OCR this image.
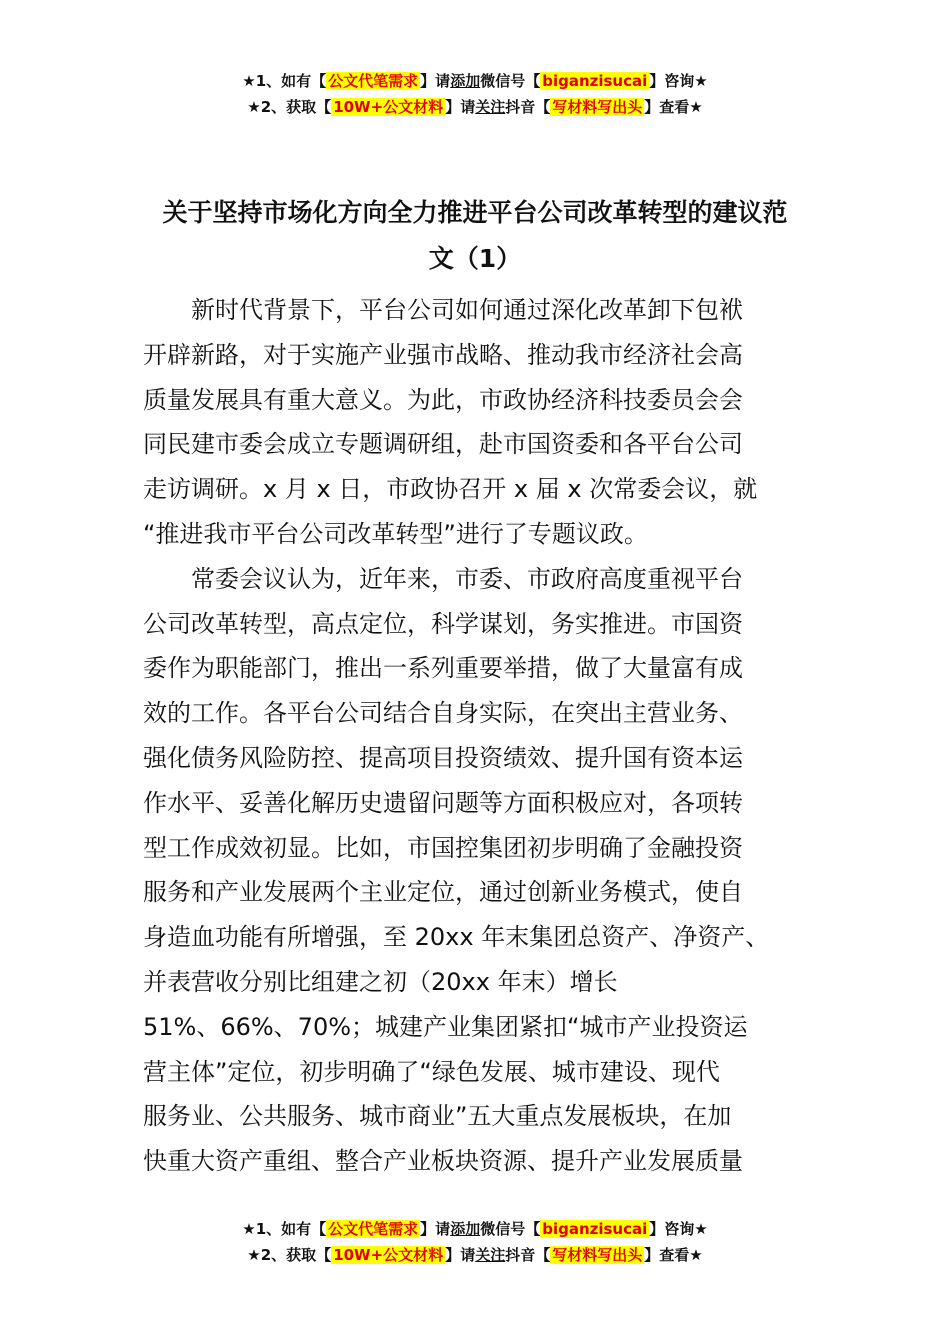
★1、如有【 公文代笔需求 】请添加微信号【 biganzisucai 】咨询★
★2、获取【 10W+公文材料 】请关注抖音【 写材料写出头 】查看★
关于坚持市场化方向全力推进平台公司改革转型的建议范
文（1）
　　新时代背景下，平台公司如何通过深化改革卸下包袱
开辟新路，对于实施产业强市战略、推动我市经济社会高
质量发展具有重大意义。为此，市政协经济科技委员会会
同民建市委会成立专题调研组，赴市国资委和各平台公司
走访调研。x 月 x 日，市政协召开 x 届 x 次常委会议，就
“推进我市平台公司改革转型”进行了专题议政。
　　常委会议认为，近年来，市委、市政府高度重视平台
公司改革转型，高点定位，科学谋划，务实推进。市国资
委作为职能部门，推出一系列重要举措，做了大量富有成
效的工作。各平台公司结合自身实际，在突出主营业务、
强化债务风险防控、提高项目投资绩效、提升国有资本运
作水平、妥善化解历史遗留问题等方面积极应对，各项转
型工作成效初显。比如，市国控集团初步明确了金融投资
服务和产业发展两个主业定位，通过创新业务模式，使自
身造血功能有所增强，至 20xx 年末集团总资产、净资产、
并表营收分别比组建之初（20xx 年末）增长
51%、66%、70%；城建产业集团紧扣“城市产业投资运
营主体”定位，初步明确了“绿色发展、城市建设、现代
服务业、公共服务、城市商业”五大重点发展板块，在加
快重大资产重组、整合产业板块资源、提升产业发展质量
★1、如有【 公文代笔需求 】请添加微信号【 biganzisucai 】咨询★
★2、获取【 10W+公文材料 】请关注抖音【 写材料写出头 】查看★
